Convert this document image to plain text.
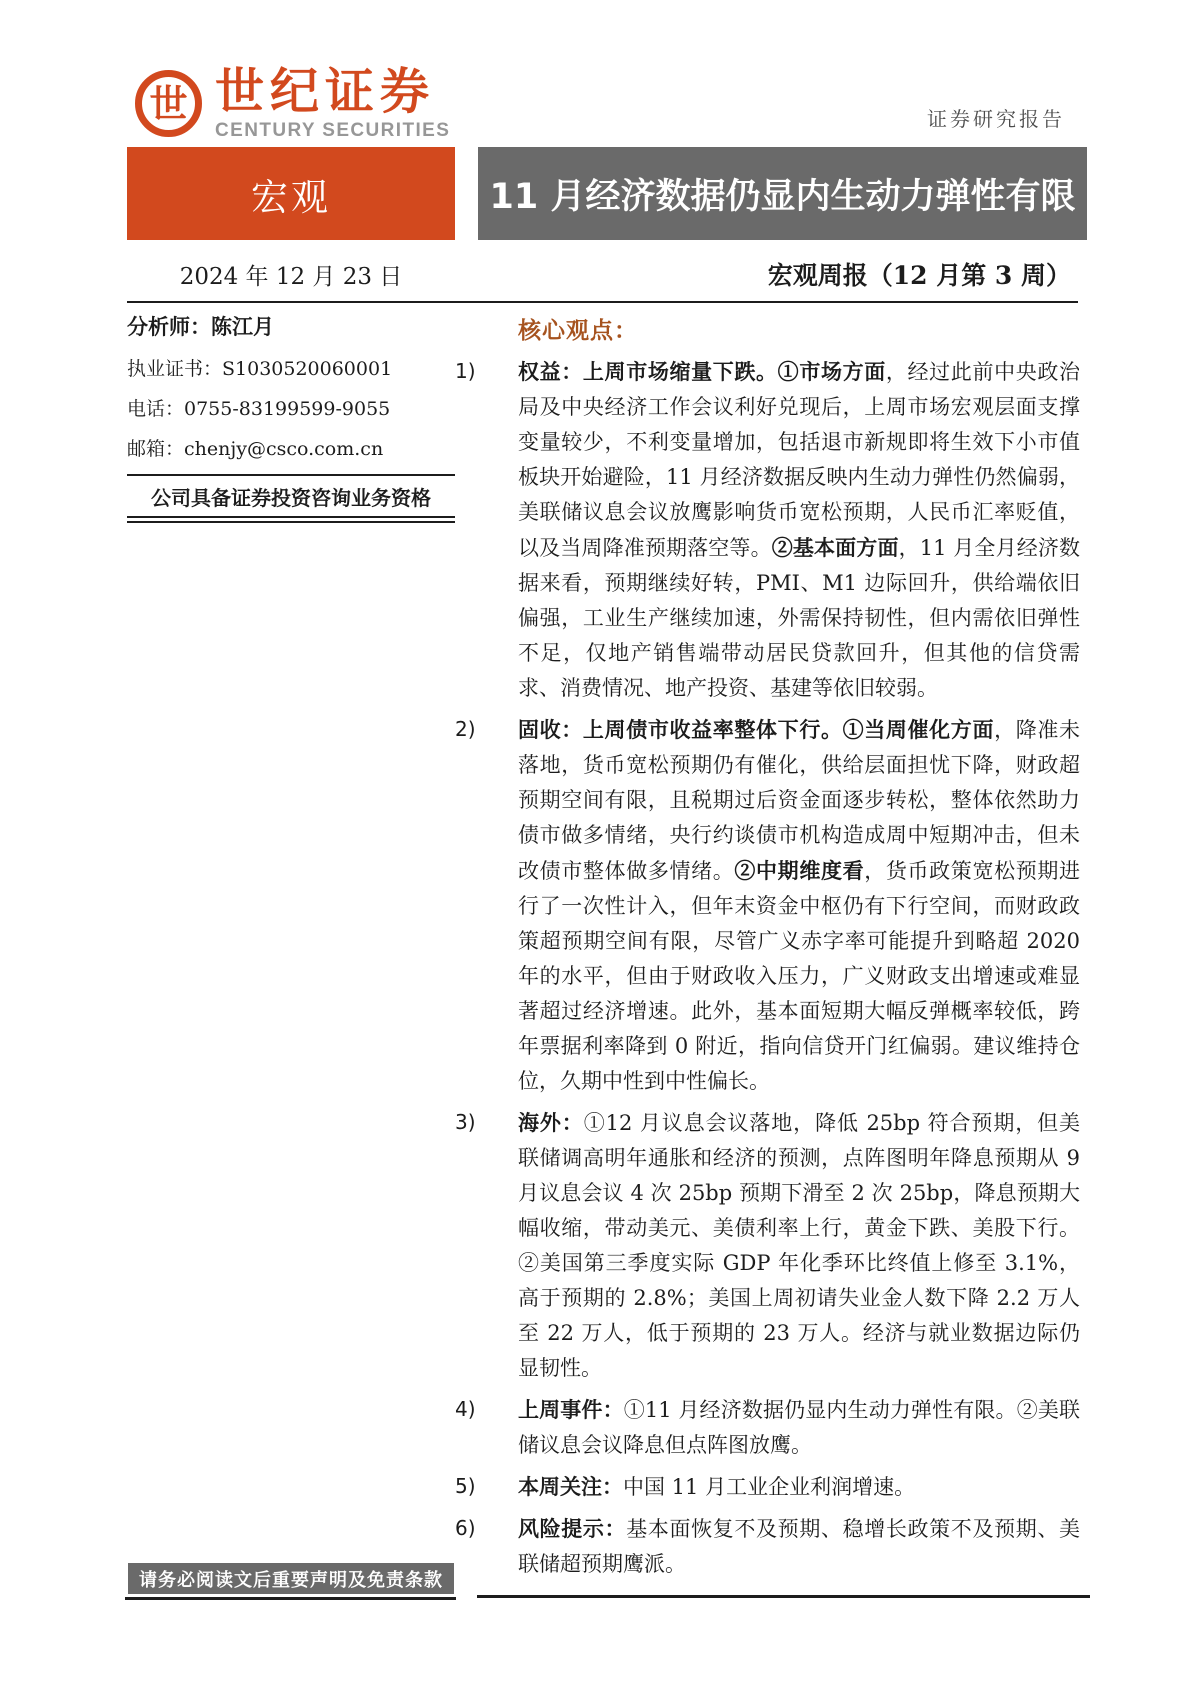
世 世纪证券
CENTURY SECURITIES	证券研究报告
宏观	11 月经济数据仍显内生动力弹性有限
2024 年 12 月 23 日	宏观周报（12 月第 3 周）
分析师：陈江月
执业证书：S1030520060001
电话：0755-83199599-9055
邮箱：chenjy@csco.com.cn
公司具备证券投资咨询业务资格
核心观点：
1)	权益：上周市场缩量下跌。①市场方面，经过此前中央政治局及中央经济工作会议利好兑现后，上周市场宏观层面支撑变量较少，不利变量增加，包括退市新规即将生效下小市值板块开始避险，11 月经济数据反映内生动力弹性仍然偏弱，美联储议息会议放鹰影响货币宽松预期，人民币汇率贬值，以及当周降准预期落空等。②基本面方面，11 月全月经济数据来看，预期继续好转，PMI、M1 边际回升，供给端依旧偏强，工业生产继续加速，外需保持韧性，但内需依旧弹性不足，仅地产销售端带动居民贷款回升，但其他的信贷需求、消费情况、地产投资、基建等依旧较弱。
2)	固收：上周债市收益率整体下行。①当周催化方面，降准未落地，货币宽松预期仍有催化，供给层面担忧下降，财政超预期空间有限，且税期过后资金面逐步转松，整体依然助力债市做多情绪，央行约谈债市机构造成周中短期冲击，但未改债市整体做多情绪。②中期维度看，货币政策宽松预期进行了一次性计入，但年末资金中枢仍有下行空间，而财政政策超预期空间有限，尽管广义赤字率可能提升到略超 2020 年的水平，但由于财政收入压力，广义财政支出增速或难显著超过经济增速。此外，基本面短期大幅反弹概率较低，跨年票据利率降到 0 附近，指向信贷开门红偏弱。建议维持仓位，久期中性到中性偏长。
3)	海外：①12 月议息会议落地，降低 25bp 符合预期，但美联储调高明年通胀和经济的预测，点阵图明年降息预期从 9 月议息会议 4 次 25bp 预期下滑至 2 次 25bp，降息预期大幅收缩，带动美元、美债利率上行，黄金下跌、美股下行。②美国第三季度实际 GDP 年化季环比终值上修至 3.1%，高于预期的 2.8%；美国上周初请失业金人数下降 2.2 万人至 22 万人，低于预期的 23 万人。经济与就业数据边际仍显韧性。
4)	上周事件：①11 月经济数据仍显内生动力弹性有限。②美联储议息会议降息但点阵图放鹰。
5)	本周关注：中国 11 月工业企业利润增速。
6)	风险提示：基本面恢复不及预期、稳增长政策不及预期、美联储超预期鹰派。
请务必阅读文后重要声明及免责条款
